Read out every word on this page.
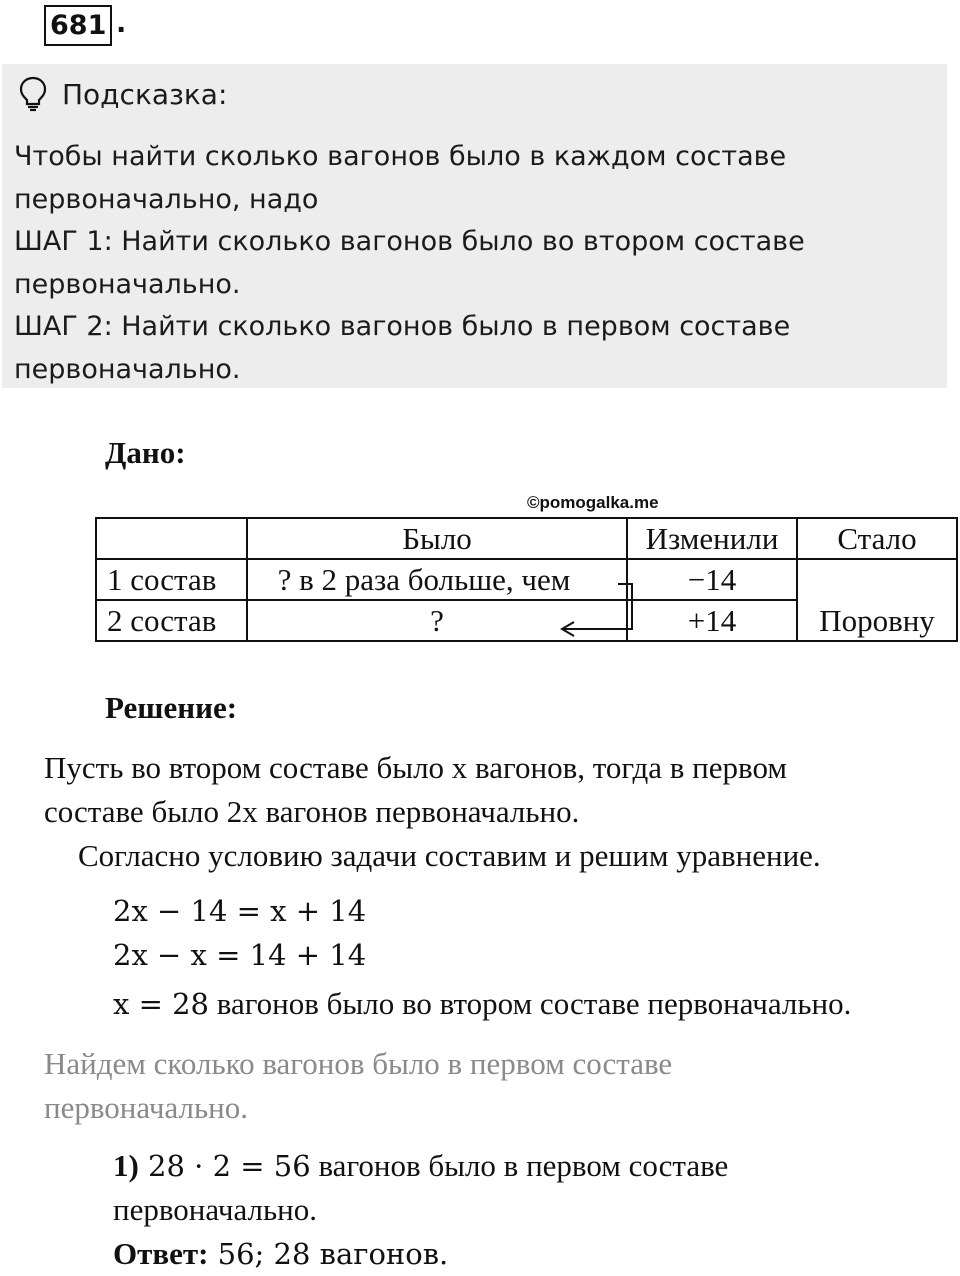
681 .
Подсказка:

Чтобы найти сколько вагонов было в каждом составе первоначально, надо

ШАГ 1: Найти сколько вагонов было во втором составе первоначально.

ШАГ 2: Найти сколько вагонов было в первом составе первоначально.

Дано:
©pomogalka.me
	Было	Изменили	Стало
1 состав	? в 2 раза больше, чем	−14	Поровну
2 состав	?	+14	
Решение:
Пусть во втором составе было x вагонов, тогда в первом
составе было 2x вагонов первоначально.
Согласно условию задачи составим и решим уравнение.
2x − 14 = x + 14
2x − x = 14 + 14
x = 28 вагонов было во втором составе первоначально.
Найдем сколько вагонов было в первом составе
первоначально.
1) 28 · 2 = 56 вагонов было в первом составе
первоначально.
Ответ: 56; 28 вагонов.
